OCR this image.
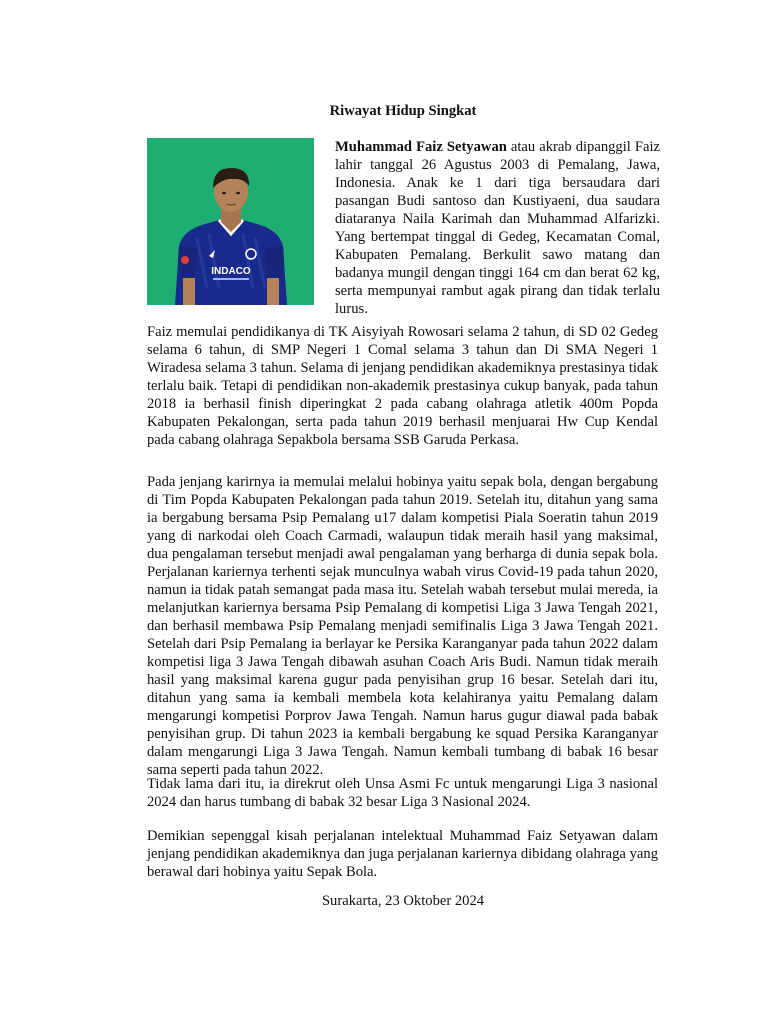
Riwayat Hidup Singkat

INDACO

Muhammad Faiz Setyawan atau akrab dipanggil Faiz lahir tanggal 26 Agustus 2003 di Pemalang, Jawa, Indonesia. Anak ke 1 dari tiga bersaudara dari pasangan Budi santoso dan Kustiyaeni, dua saudara diataranya Naila Karimah dan Muhammad Alfarizki. Yang bertempat tinggal di Gedeg, Kecamatan Comal, Kabupaten Pemalang. Berkulit sawo matang dan badanya mungil dengan tinggi 164 cm dan berat 62 kg, serta mempunyai rambut agak pirang dan tidak terlalu lurus.

Faiz memulai pendidikanya di TK Aisyiyah Rowosari selama 2 tahun, di SD 02 Gedeg selama 6 tahun, di SMP Negeri 1 Comal selama 3 tahun dan Di SMA Negeri 1 Wiradesa selama 3 tahun. Selama di jenjang pendidikan akademiknya prestasinya tidak terlalu baik. Tetapi di pendidikan non-akademik prestasinya cukup banyak, pada tahun 2018 ia berhasil finish diperingkat 2 pada cabang olahraga atletik 400m Popda Kabupaten Pekalongan, serta pada tahun 2019 berhasil menjuarai Hw Cup Kendal pada cabang olahraga Sepakbola bersama SSB Garuda Perkasa.

Pada jenjang karirnya ia memulai melalui hobinya yaitu sepak bola, dengan bergabung di Tim Popda Kabupaten Pekalongan pada tahun 2019. Setelah itu, ditahun yang sama ia bergabung bersama Psip Pemalang u17 dalam kompetisi Piala Soeratin tahun 2019 yang di narkodai oleh Coach Carmadi, walaupun tidak meraih hasil yang maksimal, dua pengalaman tersebut menjadi awal pengalaman yang berharga di dunia sepak bola. Perjalanan kariernya terhenti sejak munculnya wabah virus Covid-19 pada tahun 2020, namun ia tidak patah semangat pada masa itu. Setelah wabah tersebut mulai mereda, ia melanjutkan kariernya bersama Psip Pemalang di kompetisi Liga 3 Jawa Tengah 2021, dan berhasil membawa Psip Pemalang menjadi semifinalis Liga 3 Jawa Tengah 2021. Setelah dari Psip Pemalang ia berlayar ke Persika Karanganyar pada tahun 2022 dalam kompetisi liga 3 Jawa Tengah dibawah asuhan Coach Aris Budi. Namun tidak meraih hasil yang maksimal karena gugur pada penyisihan grup 16 besar. Setelah dari itu, ditahun yang sama ia kembali membela kota kelahiranya yaitu Pemalang dalam mengarungi kompetisi Porprov Jawa Tengah. Namun harus gugur diawal pada babak penyisihan grup. Di tahun 2023 ia kembali bergabung ke squad Persika Karanganyar dalam mengarungi Liga 3 Jawa Tengah. Namun kembali tumbang di babak 16 besar sama seperti pada tahun 2022.

Tidak lama dari itu, ia direkrut oleh Unsa Asmi Fc untuk mengarungi Liga 3 nasional 2024 dan harus tumbang di babak 32 besar Liga 3 Nasional 2024.

Demikian sepenggal kisah perjalanan intelektual Muhammad Faiz Setyawan dalam jenjang pendidikan akademiknya dan juga perjalanan kariernya dibidang olahraga yang berawal dari hobinya yaitu Sepak Bola.

Surakarta, 23 Oktober 2024
